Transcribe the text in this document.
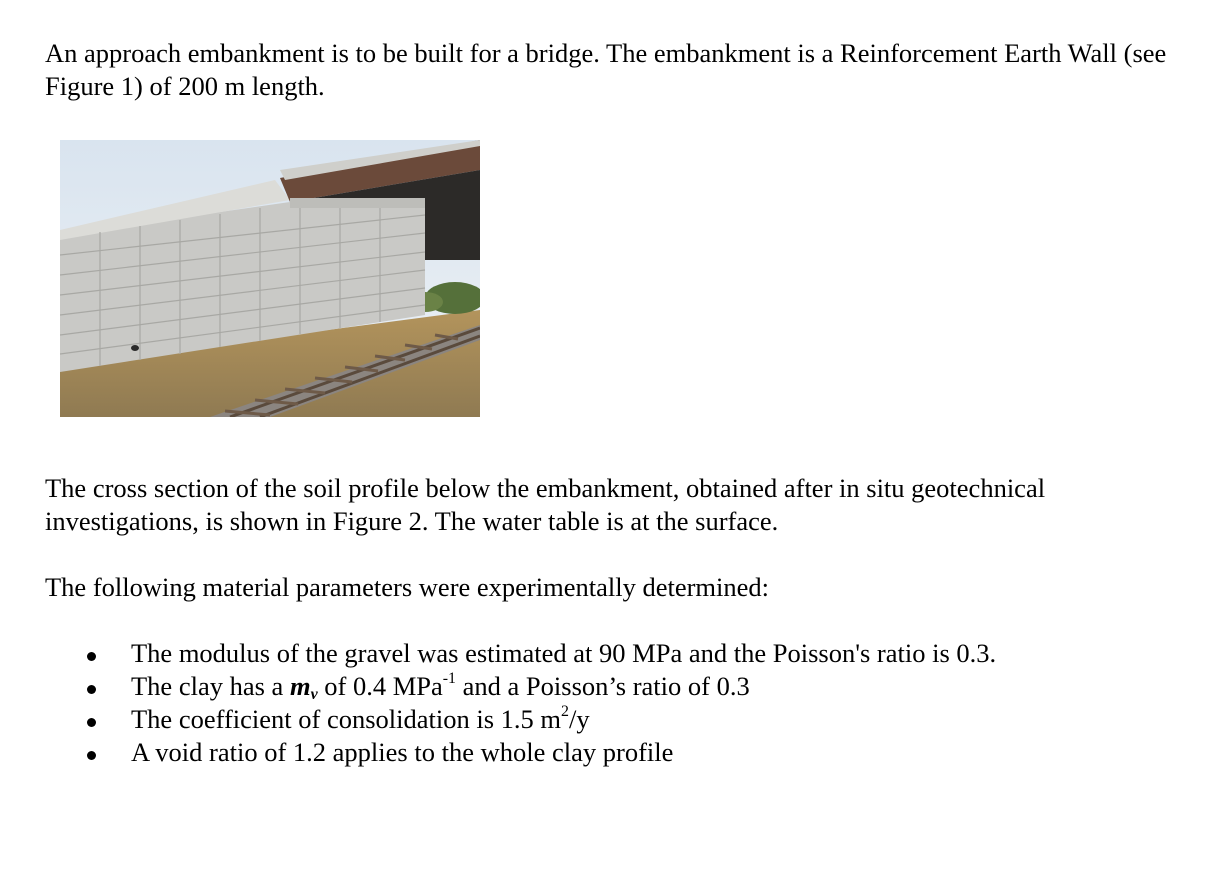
An approach embankment is to be built for a bridge. The embankment is a Reinforcement Earth Wall (see Figure 1) of 200 m length.

The cross section of the soil profile below the embankment, obtained after in situ geotechnical investigations, is shown in Figure 2. The water table is at the surface.

The following material parameters were experimentally determined:

The modulus of the gravel was estimated at 90 MPa and the Poisson's ratio is 0.3.
The clay has a $m_v$ of 0.4 MPa$^{-1}$ and a Poisson’s ratio of 0.3
The coefficient of consolidation is 1.5 $m^2/y$
A void ratio of 1.2 applies to the whole clay profile
